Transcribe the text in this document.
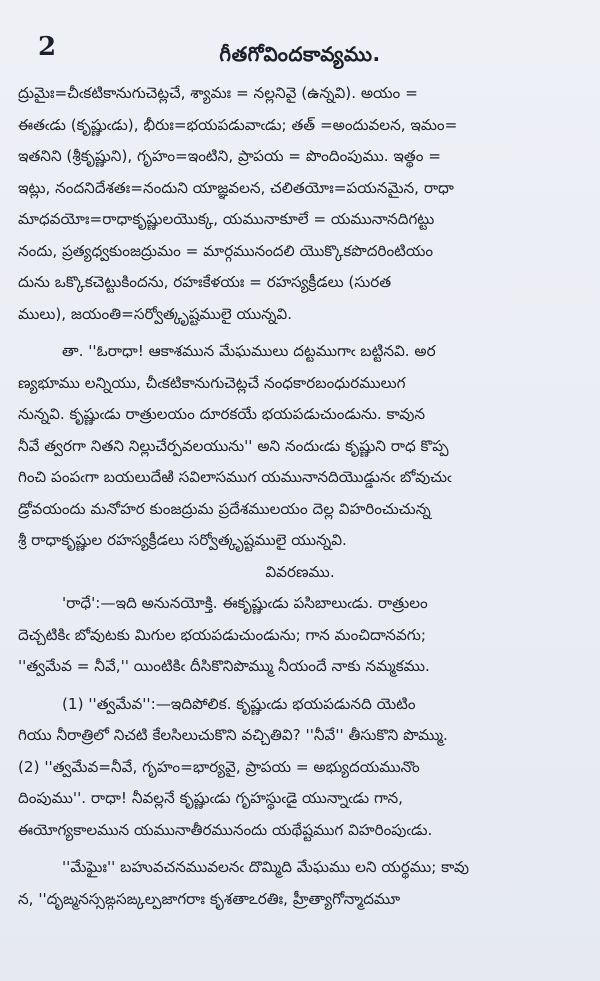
2	గీతగోవిందకావ్యము.
ద్రుమైః=చీఁకటికానుగుచెట్లచే, శ్యామః = నల్లనివై (ఉన్నవి). అయం =
ఈతఁడు (కృష్ణుఁడు), భీరుః=భయపడువాఁడు; తత్ =అందువలన, ఇమం=
ఇతనిని (శ్రీకృష్ణుని), గృహం=ఇంటిని, ప్రాపయ = పొందింపుము. ఇత్థం =
ఇట్లు, నందనిదేశతః=నందుని యాజ్ఞవలన, చలితయోః=పయనమైన, రాధా
మాధవయోః=రాధాకృష్ణులయొక్క, యమునాకూలే = యమునానదిగట్టు
నందు, ప్రత్యధ్వకుంజద్రుమం = మార్గమునందలి యొక్కొకపొదరింటియం
దును ఒక్కొకచెట్టుకిందను, రహఃకేళయః = రహస్యక్రీడలు (సురత
ములు), జయంతి=సర్వోత్కృష్టములై యున్నవి.
తా. ''ఓరాధా! ఆకాశమున మేఘములు దట్టముగాఁ బట్టినవి. అర
ణ్యభూము లన్నియు, చీఁకటికానుగుచెట్లచే నంధకారబంధురములుగ
నున్నవి. కృష్ణుఁడు రాత్రులయం దూరకయే భయపడుచుండును. కావున
నీవే త్వరగా నితని నిల్లుచేర్పవలయును'' అని నందుఁడు కృష్ణుని రాధ కొప్ప
గించి పంపఁగా బయలుదేఱి సవిలాసముగ యమునానదియొడ్డునఁ బోవుచుఁ
డ్రోవయందు మనోహర కుంజద్రుమ ప్రదేశములయం దెల్ల విహరించుచున్న
శ్రీ రాధాకృష్ణుల రహస్యక్రీడలు సర్వోత్కృష్టములై యున్నవి.
వివరణము.
'రాధే':—ఇది అనునయోక్తి. ఈకృష్ణుఁడు పసిబాలుఁడు. రాత్రులం
దెచ్చటికిఁ బోవుటకు మిగుల భయపడుచుండును; గాన మంచిదానవగు;
''త్వమేవ = నీవే,'' యింటికిఁ దీసికొనిపొమ్ము నీయందే నాకు నమ్మకము.
(1) ''త్వమేవ'':—ఇదిపోలిక. కృష్ణుఁడు భయపడునది యెటిం
గియు నీరాత్రిలో నిచటి కేలసిలుచుకొని వచ్చితివి? ''నీవే'' తీసుకొని పొమ్ము.
(2) ''త్వమేవ=నీవే, గృహం=భార్యవై, ప్రాపయ = అభ్యుదయమునొం
దింపుము''. రాధా! నీవల్లనే కృష్ణుఁడు గృహస్థుఁడై యున్నాఁడు గాన,
ఈయోగ్యకాలమున యమునాతీరమునందు యథేష్టముగ విహరింపుఁడు.
''మేఘైః'' బహువచనమువలనఁ దొమ్మిది మేఘము లని యర్థము; కావు
న, ''దృఙ్మనస్సఙ్గసఙ్కల్పజాగరాః కృశతాఽరతిః, హ్రీత్యాగోన్మాదమూ
